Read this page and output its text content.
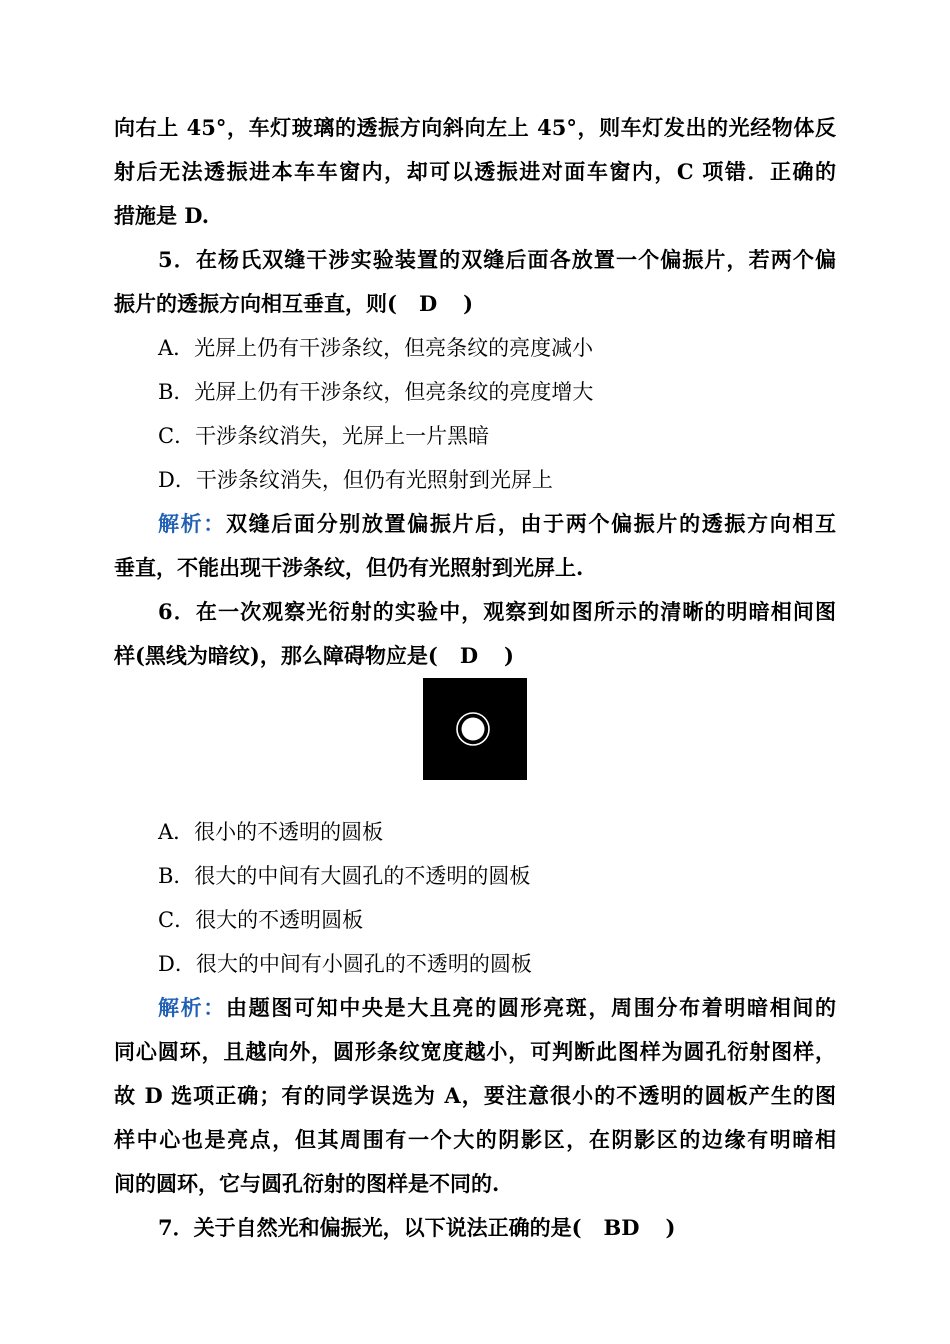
向右上 45°，车灯玻璃的透振方向斜向左上 45°，则车灯发出的光经物体反
射后无法透振进本车车窗内，却可以透振进对面车窗内，C 项错．正确的
措施是 D.
5．在杨氏双缝干涉实验装置的双缝后面各放置一个偏振片，若两个偏
振片的透振方向相互垂直，则( D )
A．光屏上仍有干涉条纹，但亮条纹的亮度减小
B．光屏上仍有干涉条纹，但亮条纹的亮度增大
C．干涉条纹消失，光屏上一片黑暗
D．干涉条纹消失，但仍有光照射到光屏上
解析：双缝后面分别放置偏振片后，由于两个偏振片的透振方向相互
垂直，不能出现干涉条纹，但仍有光照射到光屏上.
6．在一次观察光衍射的实验中，观察到如图所示的清晰的明暗相间图
样(黑线为暗纹)，那么障碍物应是( D )
A．很小的不透明的圆板
B．很大的中间有大圆孔的不透明的圆板
C．很大的不透明圆板
D．很大的中间有小圆孔的不透明的圆板
解析：由题图可知中央是大且亮的圆形亮斑，周围分布着明暗相间的
同心圆环，且越向外，圆形条纹宽度越小，可判断此图样为圆孔衍射图样，
故 D 选项正确；有的同学误选为 A，要注意很小的不透明的圆板产生的图
样中心也是亮点，但其周围有一个大的阴影区，在阴影区的边缘有明暗相
间的圆环，它与圆孔衍射的图样是不同的.
7．关于自然光和偏振光，以下说法正确的是( BD )
